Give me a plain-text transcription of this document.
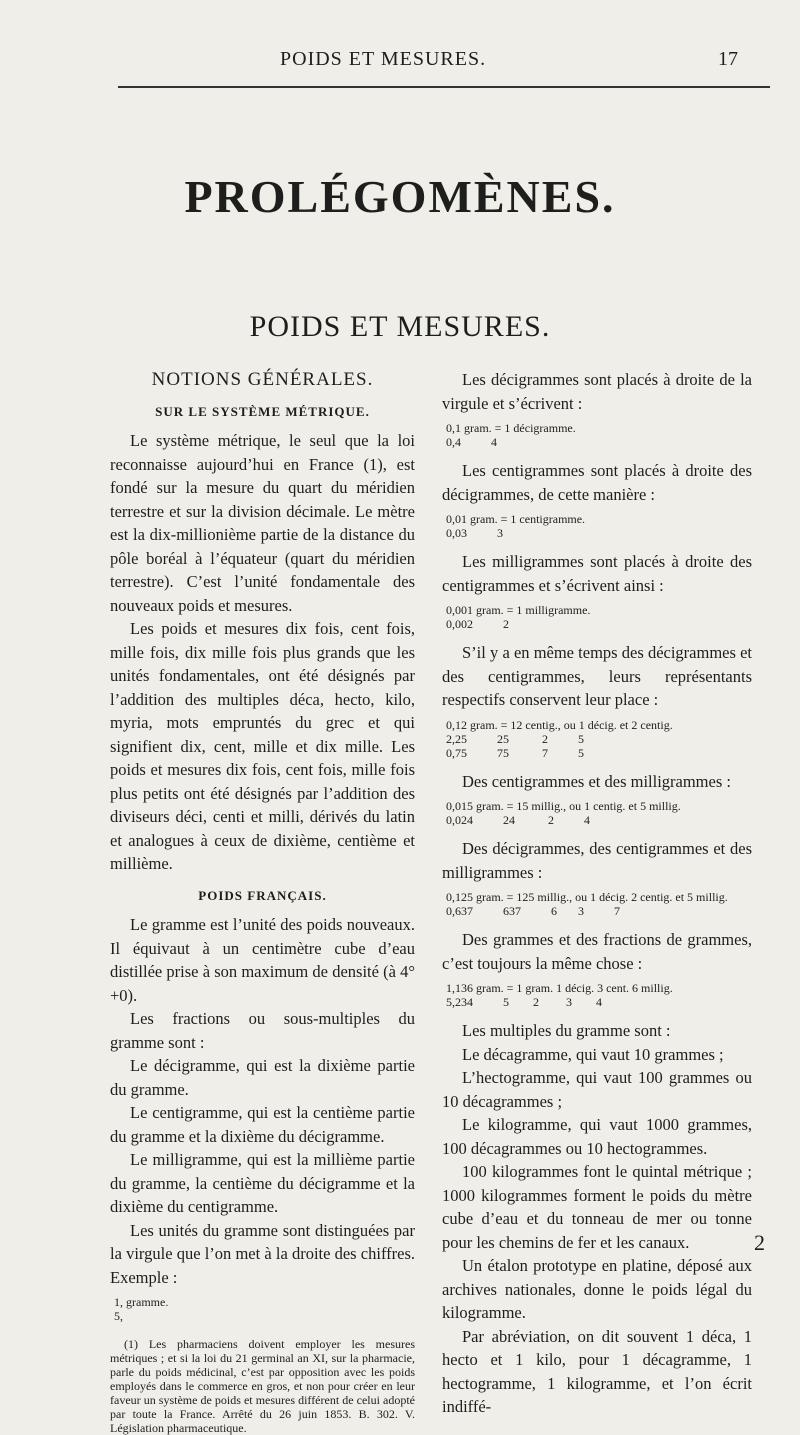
POIDS ET MESURES.	17
PROLÉGOMÈNES.
POIDS ET MESURES.
NOTIONS GÉNÉRALES.
SUR LE SYSTÈME MÉTRIQUE.

Le système métrique, le seul que la loi reconnaisse aujourd’hui en France (1), est fondé sur la mesure du quart du méridien terrestre et sur la division décimale. Le mètre est la dix-millionième partie de la distance du pôle boréal à l’équateur (quart du méridien terrestre). C’est l’unité fondamentale des nouveaux poids et mesures.

Les poids et mesures dix fois, cent fois, mille fois, dix mille fois plus grands que les unités fondamentales, ont été désignés par l’addition des multiples déca, hecto, kilo, myria, mots empruntés du grec et qui signifient dix, cent, mille et dix mille. Les poids et mesures dix fois, cent fois, mille fois plus petits ont été désignés par l’addition des diviseurs déci, centi et milli, dérivés du latin et analogues à ceux de dixième, centième et millième.

POIDS FRANÇAIS.

Le gramme est l’unité des poids nouveaux. Il équivaut à un centimètre cube d’eau distillée prise à son maximum de densité (à 4°+0).

Les fractions ou sous-multiples du gramme sont :

Le décigramme, qui est la dixième partie du gramme.

Le centigramme, qui est la centième partie du gramme et la dixième du décigramme.

Le milligramme, qui est la millième partie du gramme, la centième du décigramme et la dixième du centigramme.

Les unités du gramme sont distinguées par la virgule que l’on met à la droite des chiffres. Exemple :

1, gramme.
5,
(1) Les pharmaciens doivent employer les mesures métriques ; et si la loi du 21 germinal an XI, sur la pharmacie, parle du poids médicinal, c’est par opposition avec les poids employés dans le commerce en gros, et non pour créer en leur faveur un système de poids et mesures différent de celui adopté par toute la France. Arrêté du 26 juin 1853. B. 302. V. Législation pharmaceutique.

Les décigrammes sont placés à droite de la virgule et s’écrivent :

0,1 gram. = 1 décigramme.
0,4          4

Les centigrammes sont placés à droite des décigrammes, de cette manière :

0,01 gram. = 1 centigramme.
0,03          3

Les milligrammes sont placés à droite des centigrammes et s’écrivent ainsi :

0,001 gram. = 1 milligramme.
0,002          2

S’il y a en même temps des décigrammes et des centigrammes, leurs représentants respectifs conservent leur place :

0,12 gram. = 12 centig., ou 1 décig. et 2 centig.
2,25          25           2          5
0,75          75           7          5

Des centigrammes et des milligrammes :

0,015 gram. = 15 millig., ou 1 centig. et 5 millig.
0,024          24           2          4

Des décigrammes, des centigrammes et des milligrammes :

0,125 gram. = 125 millig., ou 1 décig. 2 centig. et 5 millig.
0,637          637          6       3          7

Des grammes et des fractions de grammes, c’est toujours la même chose :

1,136 gram. = 1 gram. 1 décig. 3 cent. 6 millig.
5,234          5        2         3        4

Les multiples du gramme sont :

Le décagramme, qui vaut 10 grammes ;

L’hectogramme, qui vaut 100 grammes ou 10 décagrammes ;

Le kilogramme, qui vaut 1000 grammes, 100 décagrammes ou 10 hectogrammes.

100 kilogrammes font le quintal métrique ; 1000 kilogrammes forment le poids du mètre cube d’eau et du tonneau de mer ou tonne pour les chemins de fer et les canaux.

Un étalon prototype en platine, déposé aux archives nationales, donne le poids légal du kilogramme.

Par abréviation, on dit souvent 1 déca, 1 hecto et 1 kilo, pour 1 décagramme, 1 hectogramme, 1 kilogramme, et l’on écrit indiffé-

2
